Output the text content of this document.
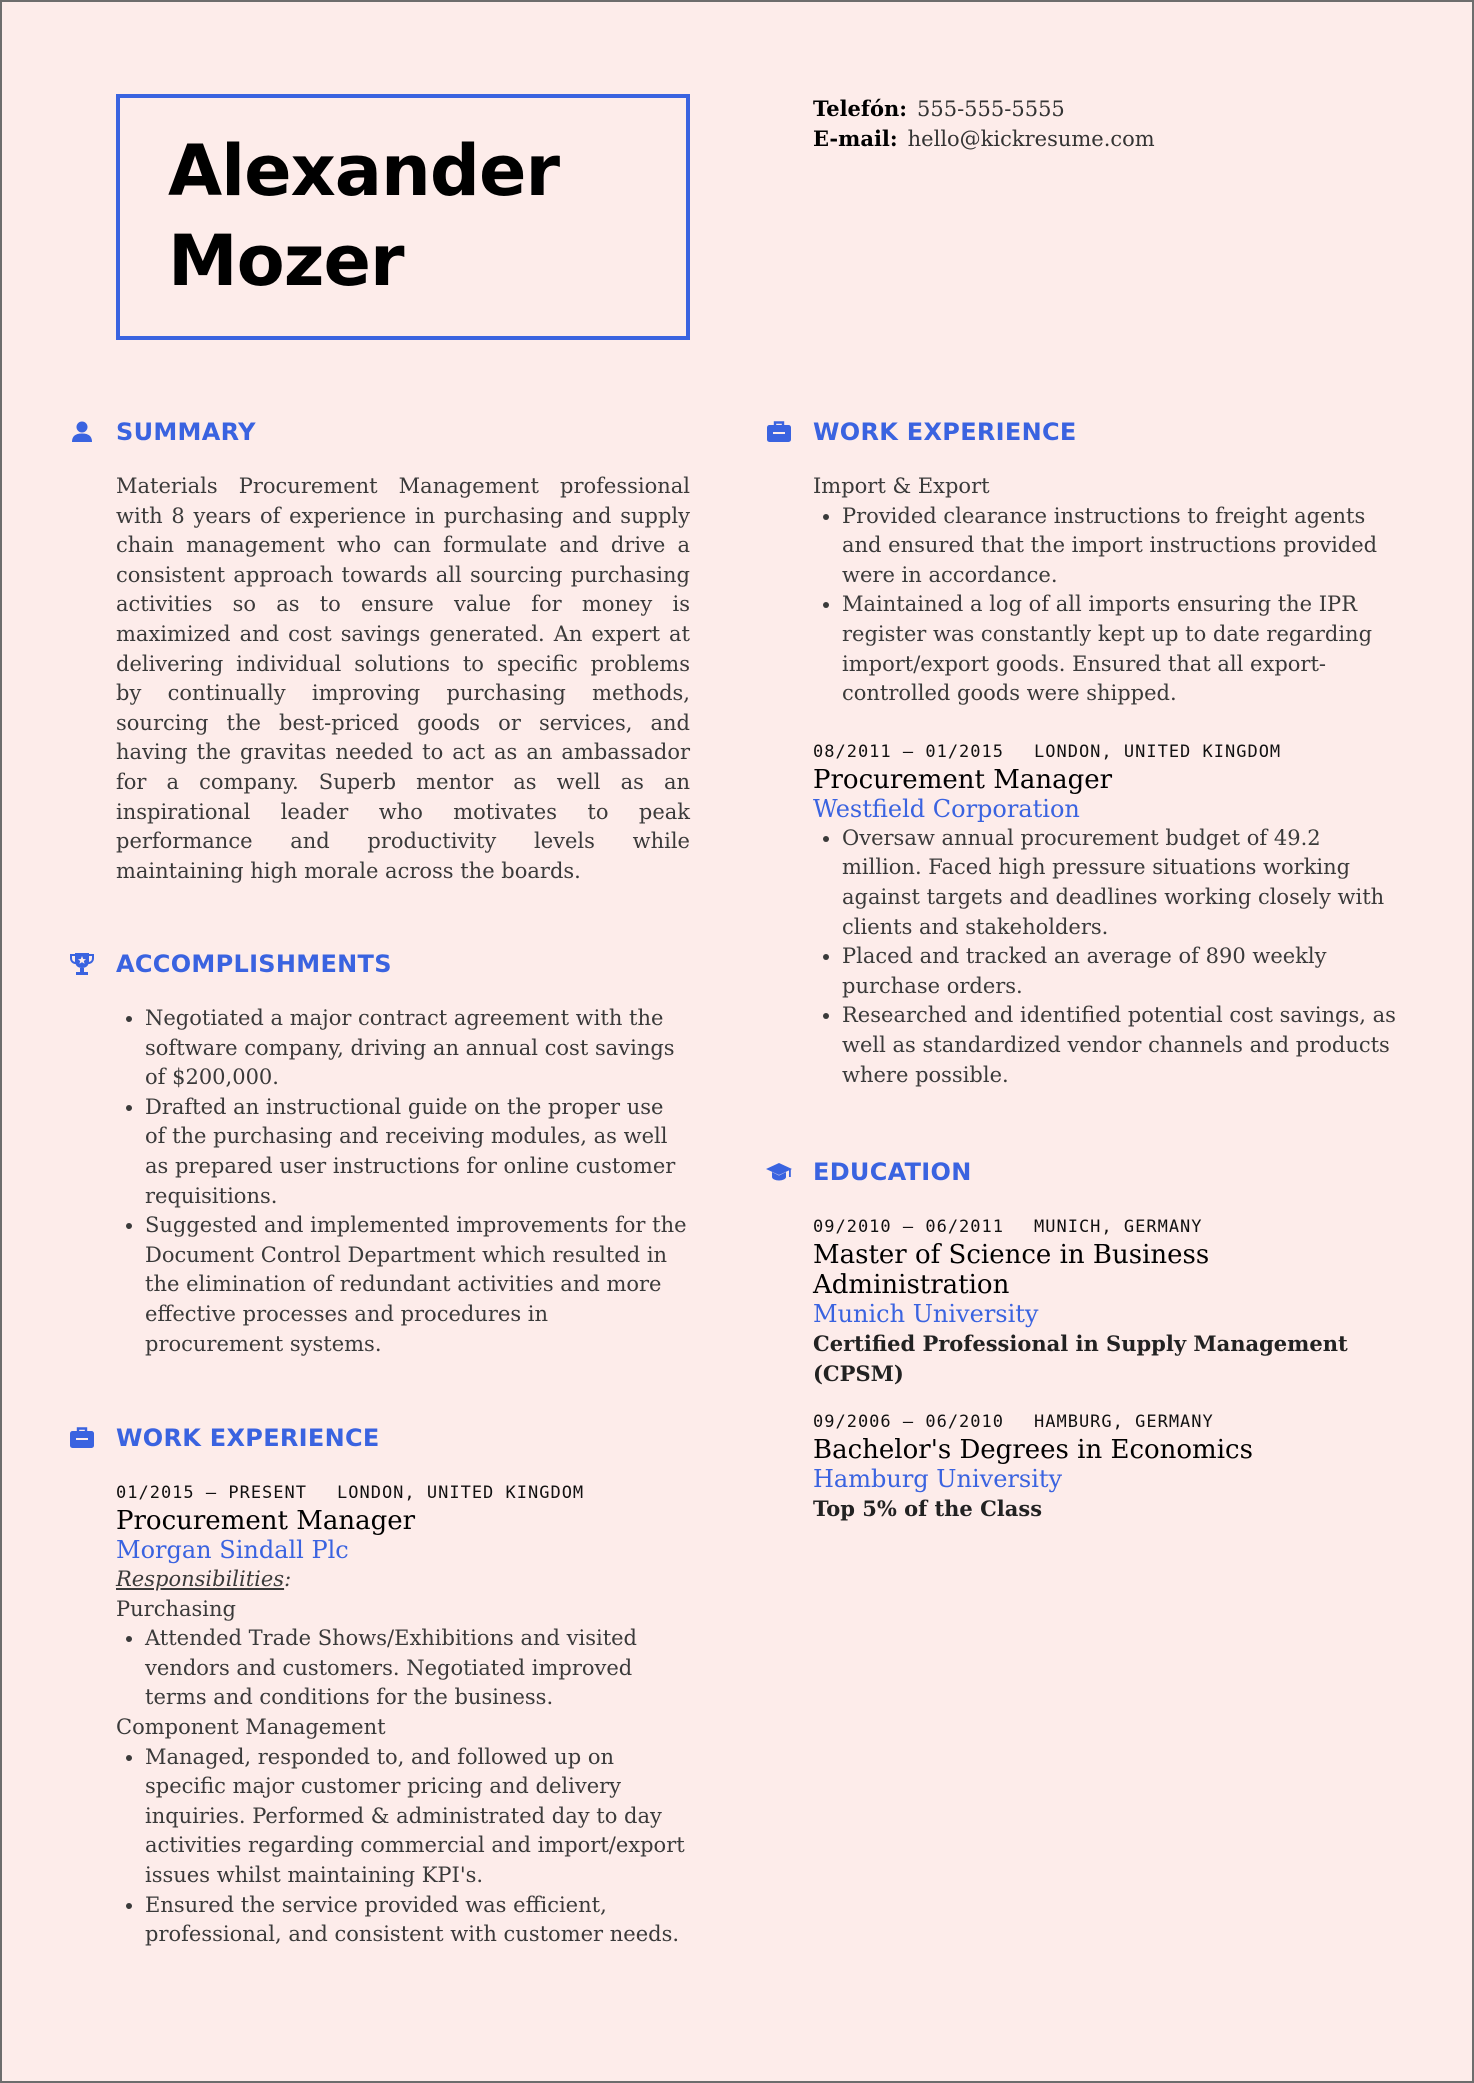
Alexander
Mozer
Telefón: 555-555-5555
E-mail: hello@kickresume.com
SUMMARY
Materials Procurement Management professional with 8 years of experience in purchasing and supply chain management who can formulate and drive a consistent approach towards all sourcing purchasing activities so as to ensure value for money is maximized and cost savings generated. An expert at delivering individual solutions to specific problems by continually improving purchasing methods, sourcing the best-priced goods or services, and having the gravitas needed to act as an ambassador for a company. Superb mentor as well as an inspirational leader who motivates to peak performance and productivity levels while maintaining high morale across the boards.
ACCOMPLISHMENTS
• Negotiated a major contract agreement with the software company, driving an annual cost savings of $200,000.
• Drafted an instructional guide on the proper use of the purchasing and receiving modules, as well as prepared user instructions for online customer requisitions.
• Suggested and implemented improvements for the Document Control Department which resulted in the elimination of redundant activities and more effective processes and procedures in procurement systems.
WORK EXPERIENCE
01/2015 — PRESENT LONDON, UNITED KINGDOM
Procurement Manager
Morgan Sindall Plc
Responsibilities:
Purchasing
• Attended Trade Shows/Exhibitions and visited vendors and customers. Negotiated improved terms and conditions for the business.
Component Management
• Managed, responded to, and followed up on specific major customer pricing and delivery inquiries. Performed & administrated day to day activities regarding commercial and import/export issues whilst maintaining KPI's.
• Ensured the service provided was efficient, professional, and consistent with customer needs.
WORK EXPERIENCE
Import & Export
• Provided clearance instructions to freight agents and ensured that the import instructions provided were in accordance.
• Maintained a log of all imports ensuring the IPR register was constantly kept up to date regarding import/export goods. Ensured that all export-controlled goods were shipped.
08/2011 — 01/2015 LONDON, UNITED KINGDOM
Procurement Manager
Westfield Corporation
• Oversaw annual procurement budget of 49.2 million. Faced high pressure situations working against targets and deadlines working closely with clients and stakeholders.
• Placed and tracked an average of 890 weekly purchase orders.
• Researched and identified potential cost savings, as well as standardized vendor channels and products where possible.
EDUCATION
09/2010 — 06/2011 MUNICH, GERMANY
Master of Science in Business Administration
Munich University
Certified Professional in Supply Management (CPSM)
09/2006 — 06/2010 HAMBURG, GERMANY
Bachelor's Degrees in Economics
Hamburg University
Top 5% of the Class
